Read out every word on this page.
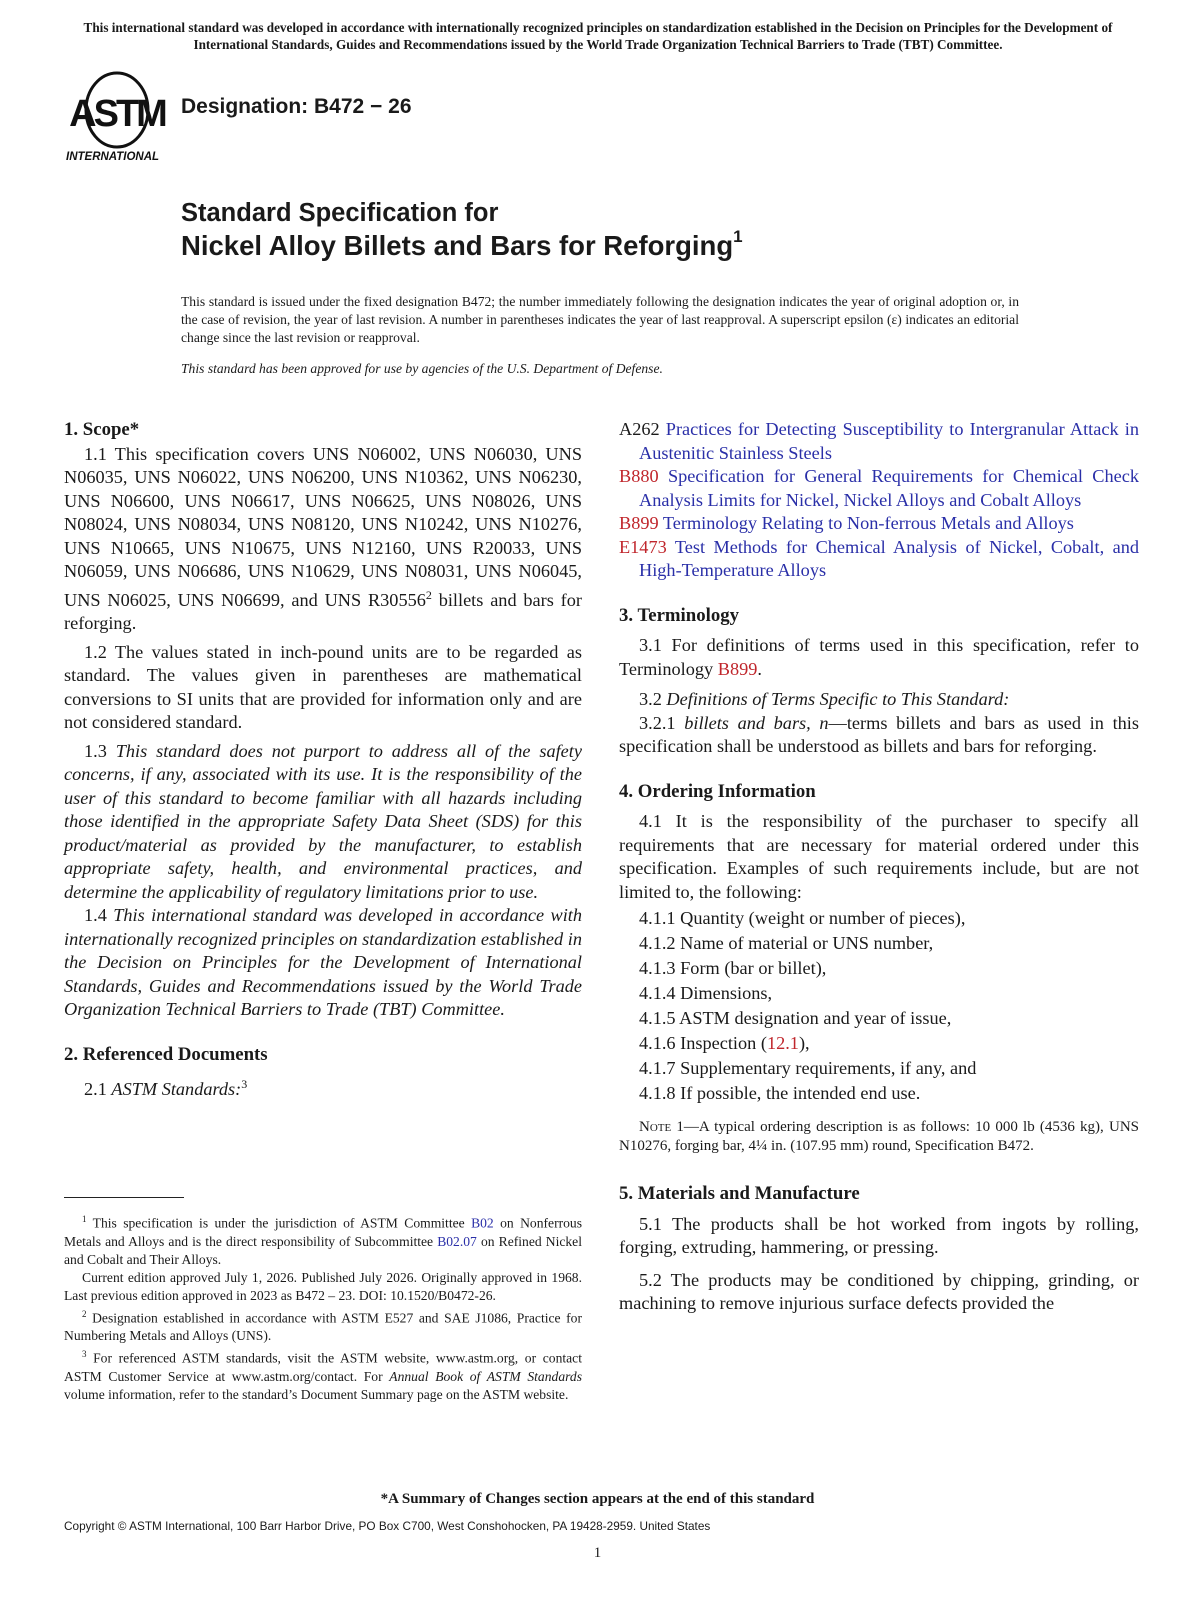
This international standard was developed in accordance with internationally recognized principles on standardization established in the Decision on Principles for the Development of International Standards, Guides and Recommendations issued by the World Trade Organization Technical Barriers to Trade (TBT) Committee.
ASTM
INTERNATIONAL
Designation: B472 − 26
Standard Specification for
Nickel Alloy Billets and Bars for Reforging$^1$
This standard is issued under the fixed designation B472; the number immediately following the designation indicates the year of original adoption or, in the case of revision, the year of last revision. A number in parentheses indicates the year of last reapproval. A superscript epsilon (ε) indicates an editorial change since the last revision or reapproval.
This standard has been approved for use by agencies of the U.S. Department of Defense.
1. Scope*

1.1 This specification covers UNS N06002, UNS N06030, UNS N06035, UNS N06022, UNS N06200, UNS N10362, UNS N06230, UNS N06600, UNS N06617, UNS N06625, UNS N08026, UNS N08024, UNS N08034, UNS N08120, UNS N10242, UNS N10276, UNS N10665, UNS N10675, UNS N12160, UNS R20033, UNS N06059, UNS N06686, UNS N10629, UNS N08031, UNS N06045, UNS N06025, UNS N06699, and UNS R30556$^2$ billets and bars for reforging.

1.2 The values stated in inch-pound units are to be regarded as standard. The values given in parentheses are mathematical conversions to SI units that are provided for information only and are not considered standard.

1.3 This standard does not purport to address all of the safety concerns, if any, associated with its use. It is the responsibility of the user of this standard to become familiar with all hazards including those identified in the appropriate Safety Data Sheet (SDS) for this product/material as provided by the manufacturer, to establish appropriate safety, health, and environmental practices, and determine the applicability of regulatory limitations prior to use.

1.4 This international standard was developed in accordance with internationally recognized principles on standardization established in the Decision on Principles for the Development of International Standards, Guides and Recommendations issued by the World Trade Organization Technical Barriers to Trade (TBT) Committee.

2. Referenced Documents

2.1 ASTM Standards:$^3$

$^1$ This specification is under the jurisdiction of ASTM Committee B02 on Nonferrous Metals and Alloys and is the direct responsibility of Subcommittee B02.07 on Refined Nickel and Cobalt and Their Alloys.

Current edition approved July 1, 2026. Published July 2026. Originally approved in 1968. Last previous edition approved in 2023 as B472 – 23. DOI: 10.1520/B0472-26.

$^2$ Designation established in accordance with ASTM E527 and SAE J1086, Practice for Numbering Metals and Alloys (UNS).

$^3$ For referenced ASTM standards, visit the ASTM website, www.astm.org, or contact ASTM Customer Service at www.astm.org/contact. For Annual Book of ASTM Standards volume information, refer to the standard’s Document Summary page on the ASTM website.

A262 Practices for Detecting Susceptibility to Intergranular Attack in Austenitic Stainless Steels

B880 Specification for General Requirements for Chemical Check Analysis Limits for Nickel, Nickel Alloys and Cobalt Alloys

B899 Terminology Relating to Non-ferrous Metals and Alloys

E1473 Test Methods for Chemical Analysis of Nickel, Cobalt, and High-Temperature Alloys

3. Terminology

3.1 For definitions of terms used in this specification, refer to Terminology B899.

3.2 Definitions of Terms Specific to This Standard:

3.2.1 billets and bars, n—terms billets and bars as used in this specification shall be understood as billets and bars for reforging.

4. Ordering Information

4.1 It is the responsibility of the purchaser to specify all requirements that are necessary for material ordered under this specification. Examples of such requirements include, but are not limited to, the following:

4.1.1 Quantity (weight or number of pieces),
4.1.2 Name of material or UNS number,
4.1.3 Form (bar or billet),
4.1.4 Dimensions,
4.1.5 ASTM designation and year of issue,
4.1.6 Inspection (12.1),
4.1.7 Supplementary requirements, if any, and
4.1.8 If possible, the intended end use.

Note 1—A typical ordering description is as follows: 10 000 lb (4536 kg), UNS N10276, forging bar, 4¼ in. (107.95 mm) round, Specification B472.

5. Materials and Manufacture

5.1 The products shall be hot worked from ingots by rolling, forging, extruding, hammering, or pressing.

5.2 The products may be conditioned by chipping, grinding, or machining to remove injurious surface defects provided the

*A Summary of Changes section appears at the end of this standard
Copyright © ASTM International, 100 Barr Harbor Drive, PO Box C700, West Conshohocken, PA 19428-2959. United States
1
